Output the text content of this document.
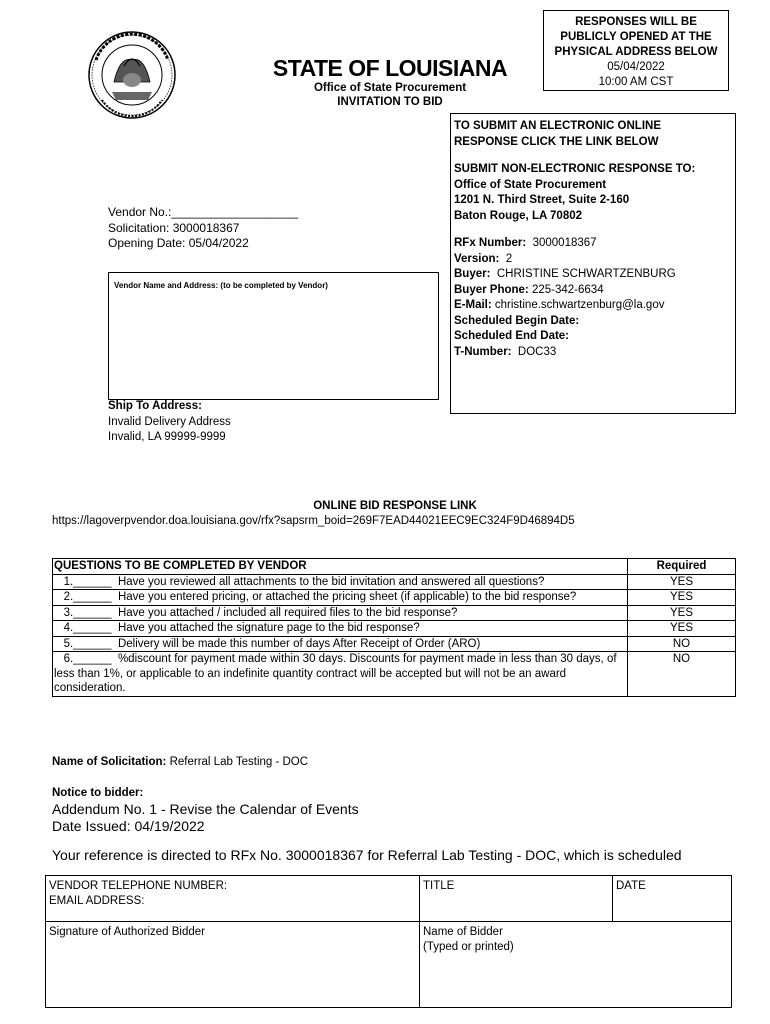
STATE OF LOUISIANA
Office of State Procurement
INVITATION TO BID
RESPONSES WILL BE
PUBLICLY OPENED AT THE
PHYSICAL ADDRESS BELOW
05/04/2022
10:00 AM CST
TO SUBMIT AN ELECTRONIC ONLINE
RESPONSE CLICK THE LINK BELOW
SUBMIT NON-ELECTRONIC RESPONSE TO:
Office of State Procurement
1201 N. Third Street, Suite 2-160
Baton Rouge, LA 70802
RFx Number: 3000018367
Version: 2
Buyer: CHRISTINE SCHWARTZENBURG
Buyer Phone: 225-342-6634
E-Mail: christine.schwartzenburg@la.gov
Scheduled Begin Date:
Scheduled End Date:
T-Number: DOC33
Vendor No.:___________________
Solicitation: 3000018367
Opening Date: 05/04/2022
Vendor Name and Address: (to be completed by Vendor)
Ship To Address:
Invalid Delivery Address
Invalid, LA 99999-9999
ONLINE BID RESPONSE LINK
https://lagoverpvendor.doa.louisiana.gov/rfx?sapsrm_boid=269F7EAD44021EEC9EC324F9D46894D5
QUESTIONS TO BE COMPLETED BY VENDOR	Required
1.______  Have you reviewed all attachments to the bid invitation and answered all questions?	YES
2.______  Have you entered pricing, or attached the pricing sheet (if applicable) to the bid response?	YES
3.______  Have you attached / included all required files to the bid response?	YES
4.______  Have you attached the signature page to the bid response?	YES
5.______  Delivery will be made this number of days After Receipt of Order (ARO)	NO
6.______  %discount for payment made within 30 days. Discounts for payment made in less than 30 days, of less than 1%, or applicable to an indefinite quantity contract will be accepted but will not be an award consideration.	NO
Name of Solicitation: Referral Lab Testing - DOC
Notice to bidder:
Addendum No. 1 - Revise the Calendar of Events
Date Issued: 04/19/2022
Your reference is directed to RFx No. 3000018367 for Referral Lab Testing - DOC, which is scheduled
VENDOR TELEPHONE NUMBER:
EMAIL ADDRESS:	TITLE	DATE
Signature of Authorized Bidder	Name of Bidder
(Typed or printed)	
